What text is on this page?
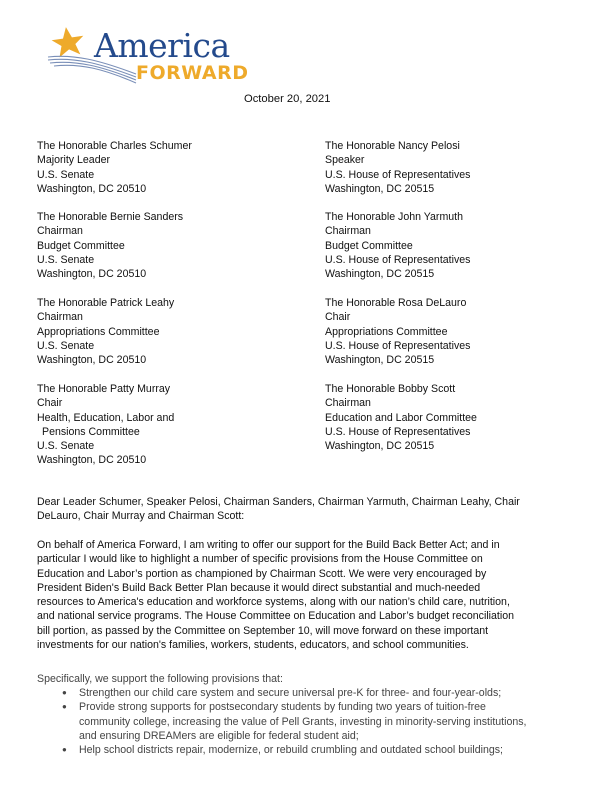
America
FORWARD
October 20, 2021
The Honorable Charles Schumer
Majority Leader
U.S. Senate
Washington, DC 20510
The Honorable Bernie Sanders
Chairman
Budget Committee
U.S. Senate
Washington, DC 20510
The Honorable Patrick Leahy
Chairman
Appropriations Committee
U.S. Senate
Washington, DC 20510
The Honorable Patty Murray
Chair
Health, Education, Labor and
Pensions Committee
U.S. Senate
Washington, DC 20510
The Honorable Nancy Pelosi
Speaker
U.S. House of Representatives
Washington, DC 20515
The Honorable John Yarmuth
Chairman
Budget Committee
U.S. House of Representatives
Washington, DC 20515
The Honorable Rosa DeLauro
Chair
Appropriations Committee
U.S. House of Representatives
Washington, DC 20515
The Honorable Bobby Scott
Chairman
Education and Labor Committee
U.S. House of Representatives
Washington, DC 20515
Dear Leader Schumer, Speaker Pelosi, Chairman Sanders, Chairman Yarmuth, Chairman Leahy, Chair
DeLauro, Chair Murray and Chairman Scott:
On behalf of America Forward, I am writing to offer our support for the Build Back Better Act; and in
particular I would like to highlight a number of specific provisions from the House Committee on
Education and Labor’s portion as championed by Chairman Scott. We were very encouraged by
President Biden's Build Back Better Plan because it would direct substantial and much-needed
resources to America's education and workforce systems, along with our nation’s child care, nutrition,
and national service programs. The House Committee on Education and Labor’s budget reconciliation
bill portion, as passed by the Committee on September 10, will move forward on these important
investments for our nation's families, workers, students, educators, and school communities.
Specifically, we support the following provisions that:
● Strengthen our child care system and secure universal pre-K for three- and four-year-olds;
● Provide strong supports for postsecondary students by funding two years of tuition-free
community college, increasing the value of Pell Grants, investing in minority-serving institutions,
and ensuring DREAMers are eligible for federal student aid;
● Help school districts repair, modernize, or rebuild crumbling and outdated school buildings;
